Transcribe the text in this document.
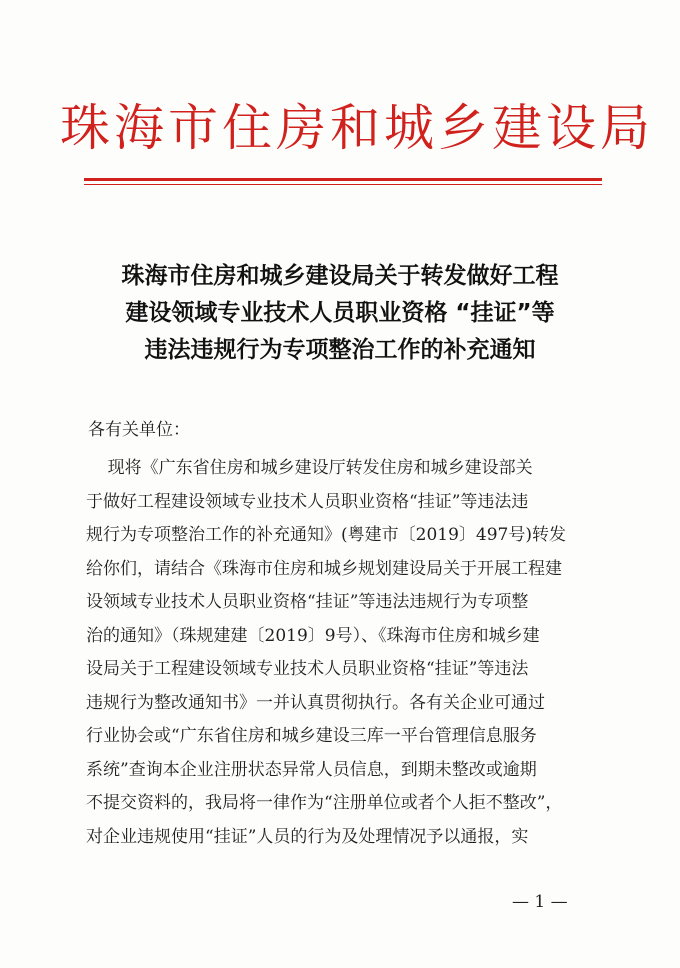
珠海市住房和城乡建设局
珠海市住房和城乡建设局关于转发做好工程
建设领域专业技术人员职业资格 “挂证”等
违法违规行为专项整治工作的补充通知
各有关单位：
现将《广东省住房和城乡建设厅转发住房和城乡建设部关
于做好工程建设领域专业技术人员职业资格“挂证”等违法违
规行为专项整治工作的补充通知》(粤建市〔2019〕497号)转发
给你们，请结合《珠海市住房和城乡规划建设局关于开展工程建
设领域专业技术人员职业资格“挂证”等违法违规行为专项整
治的通知》（珠规建建〔2019〕9号）、《珠海市住房和城乡建
设局关于工程建设领域专业技术人员职业资格“挂证”等违法
违规行为整改通知书》一并认真贯彻执行。各有关企业可通过
行业协会或“广东省住房和城乡建设三库一平台管理信息服务
系统”查询本企业注册状态异常人员信息，到期未整改或逾期
不提交资料的，我局将一律作为“注册单位或者个人拒不整改”，
对企业违规使用“挂证”人员的行为及处理情况予以通报，实
— 1 —
